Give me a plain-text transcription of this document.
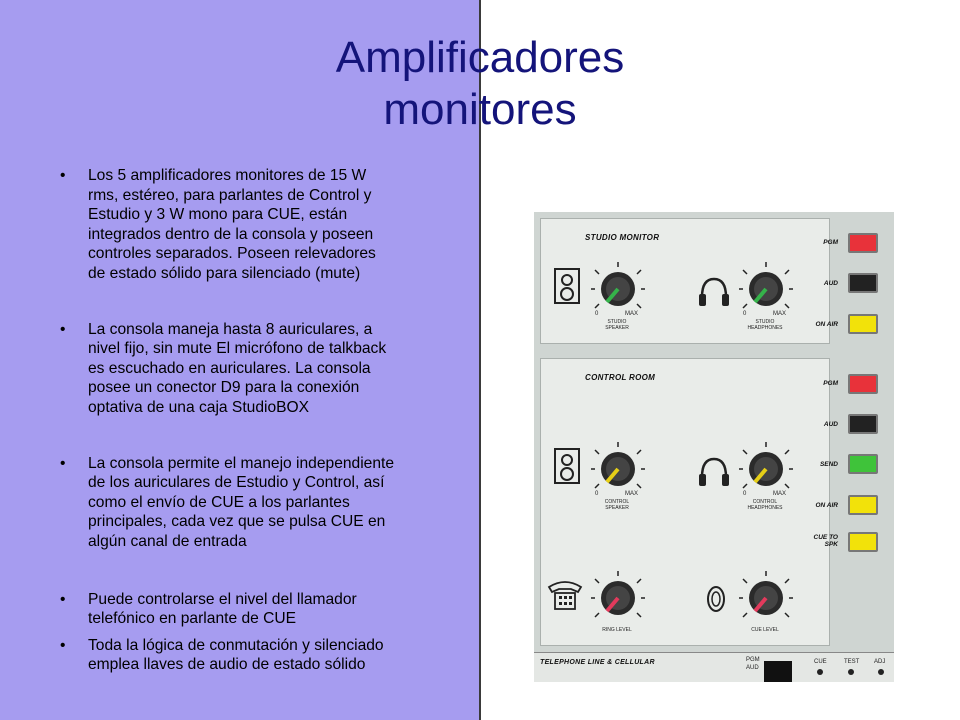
Amplificadores
monitores
• Los 5 amplificadores monitores de 15 W
rms, estéreo, para parlantes de Control y
Estudio y 3 W mono para CUE, están
integrados dentro de la consola y poseen
controles separados. Poseen relevadores
de estado sólido para silenciado (mute)
• La consola maneja hasta 8 auriculares, a
nivel fijo, sin mute El micrófono de talkback
es escuchado en auriculares. La consola
posee un conector D9 para la conexión
optativa de una caja StudioBOX
• La consola permite el manejo independiente
de los auriculares de Estudio y Control, así
como el envío de CUE a los parlantes
principales, cada vez que se pulsa CUE en
algún canal de entrada
• Puede controlarse el nivel del llamador
telefónico en parlante de CUE
• Toda la lógica de conmutación y silenciado
emplea llaves de audio de estado sólido
STUDIO MONITOR
0	MAX
STUDIO
SPEAKER
0	MAX
STUDIO
HEADPHONES
PGM
AUD
ON AIR
CONTROL ROOM
0	MAX
CONTROL
SPEAKER
0	MAX
CONTROL
HEADPHONES
RING LEVEL	CUE LEVEL
PGM
AUD
SEND
ON AIR
CUE TO
SPK
TELEPHONE LINE & CELLULAR	PGM
AUD
CUE	TEST ADJ
